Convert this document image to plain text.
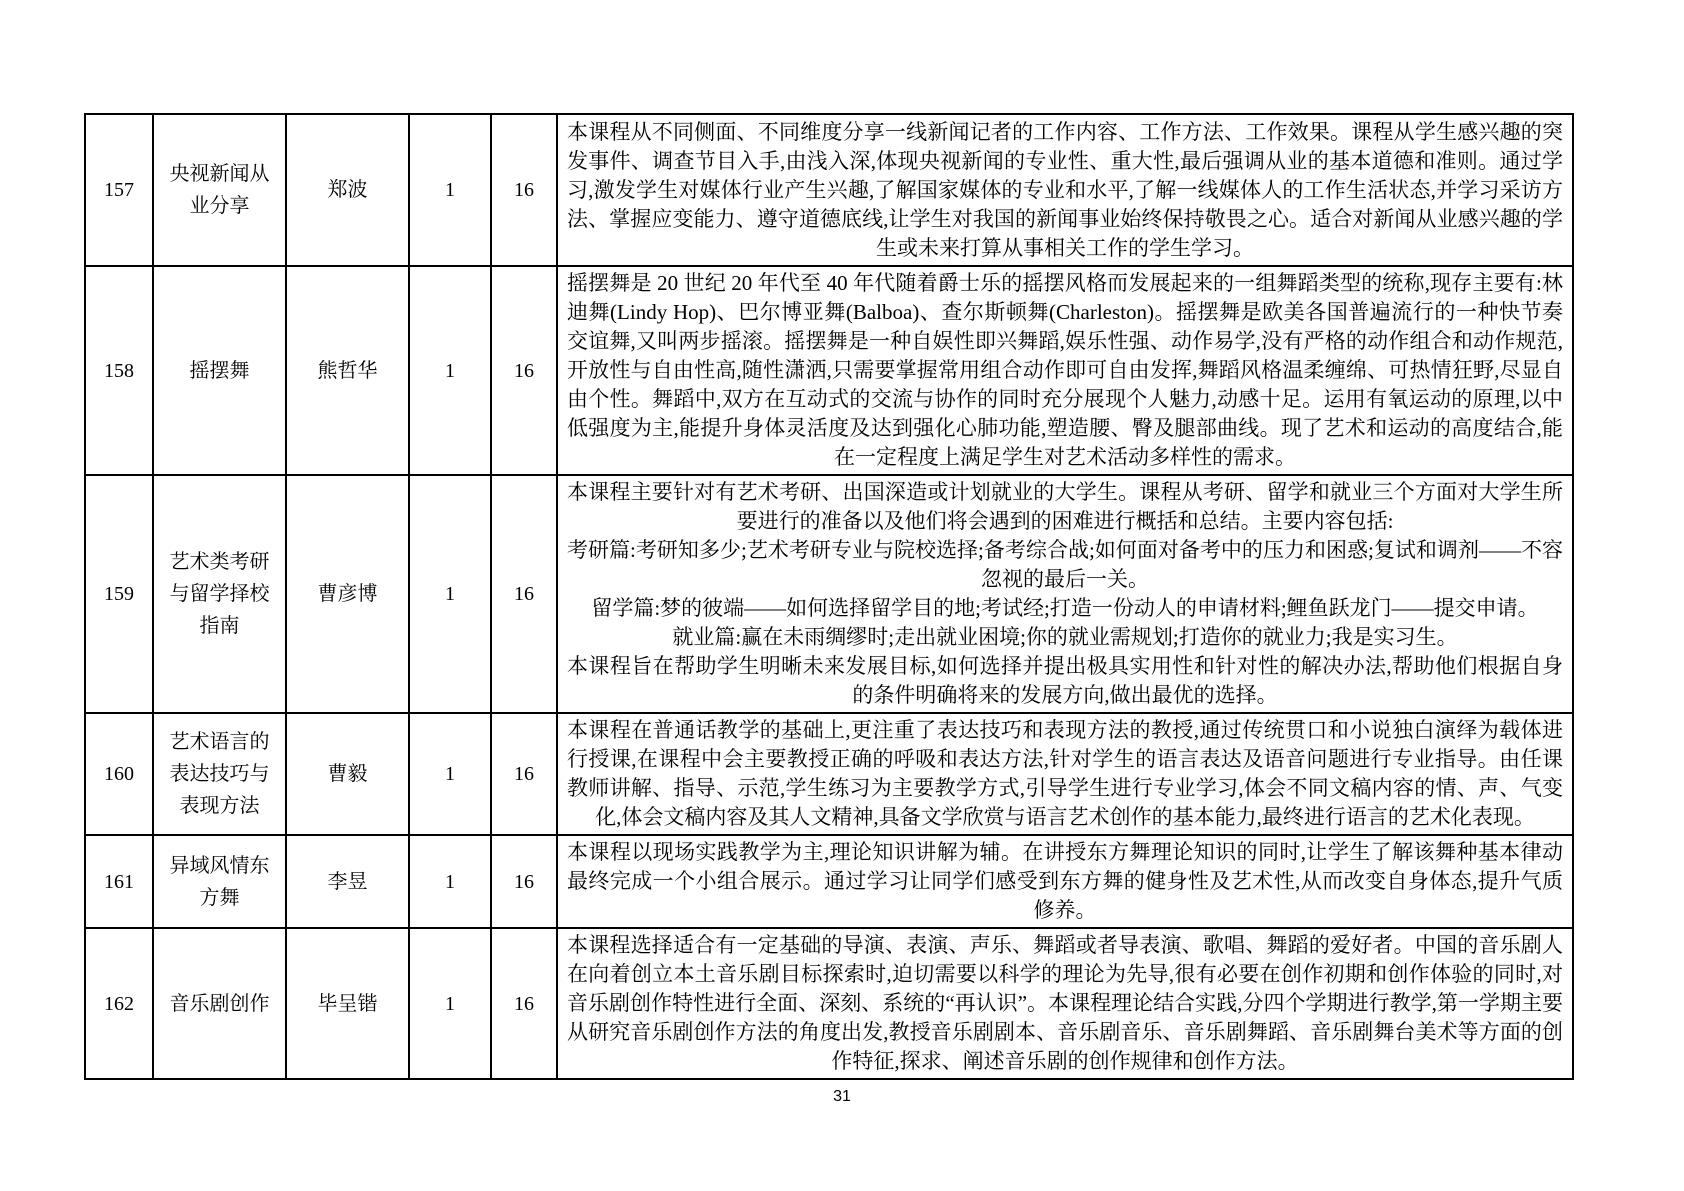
157	央视新闻从业分享	郑波	1	16	本课程从不同侧面、不同维度分享一线新闻记者的工作内容、工作方法、工作效果。课程从学生感兴趣的突发事件、调查节目入手,由浅入深,体现央视新闻的专业性、重大性,最后强调从业的基本道德和准则。通过学习,激发学生对媒体行业产生兴趣,了解国家媒体的专业和水平,了解一线媒体人的工作生活状态,并学习采访方法、掌握应变能力、遵守道德底线,让学生对我国的新闻事业始终保持敬畏之心。适合对新闻从业感兴趣的学生或未来打算从事相关工作的学生学习。

158	摇摆舞	熊哲华	1	16	摇摆舞是 20 世纪 20 年代至 40 年代随着爵士乐的摇摆风格而发展起来的一组舞蹈类型的统称,现存主要有:林迪舞(Lindy Hop)、巴尔博亚舞(Balboa)、查尔斯顿舞(Charleston)。摇摆舞是欧美各国普遍流行的一种快节奏交谊舞,又叫两步摇滚。摇摆舞是一种自娱性即兴舞蹈,娱乐性强、动作易学,没有严格的动作组合和动作规范,开放性与自由性高,随性潇洒,只需要掌握常用组合动作即可自由发挥,舞蹈风格温柔缠绵、可热情狂野,尽显自由个性。舞蹈中,双方在互动式的交流与协作的同时充分展现个人魅力,动感十足。运用有氧运动的原理,以中低强度为主,能提升身体灵活度及达到强化心肺功能,塑造腰、臀及腿部曲线。现了艺术和运动的高度结合,能在一定程度上满足学生对艺术活动多样性的需求。

159	艺术类考研与留学择校指南	曹彦博	1	16	本课程主要针对有艺术考研、出国深造或计划就业的大学生。课程从考研、留学和就业三个方面对大学生所要进行的准备以及他们将会遇到的困难进行概括和总结。主要内容包括:

考研篇:考研知多少;艺术考研专业与院校选择;备考综合战;如何面对备考中的压力和困惑;复试和调剂——不容忽视的最后一关。

留学篇:梦的彼端——如何选择留学目的地;考试经;打造一份动人的申请材料;鲤鱼跃龙门——提交申请。

就业篇:赢在未雨绸缪时;走出就业困境;你的就业需规划;打造你的就业力;我是实习生。

本课程旨在帮助学生明晰未来发展目标,如何选择并提出极具实用性和针对性的解决办法,帮助他们根据自身的条件明确将来的发展方向,做出最优的选择。

160	艺术语言的表达技巧与表现方法	曹毅	1	16	本课程在普通话教学的基础上,更注重了表达技巧和表现方法的教授,通过传统贯口和小说独白演绎为载体进行授课,在课程中会主要教授正确的呼吸和表达方法,针对学生的语言表达及语音问题进行专业指导。由任课教师讲解、指导、示范,学生练习为主要教学方式,引导学生进行专业学习,体会不同文稿内容的情、声、气变化,体会文稿内容及其人文精神,具备文学欣赏与语言艺术创作的基本能力,最终进行语言的艺术化表现。

161	异域风情东方舞	李昱	1	16	本课程以现场实践教学为主,理论知识讲解为辅。在讲授东方舞理论知识的同时,让学生了解该舞种基本律动最终完成一个小组合展示。通过学习让同学们感受到东方舞的健身性及艺术性,从而改变自身体态,提升气质修养。

162	音乐剧创作	毕呈锴	1	16	本课程选择适合有一定基础的导演、表演、声乐、舞蹈或者导表演、歌唱、舞蹈的爱好者。中国的音乐剧人在向着创立本土音乐剧目标探索时,迫切需要以科学的理论为先导,很有必要在创作初期和创作体验的同时,对音乐剧创作特性进行全面、深刻、系统的“再认识”。本课程理论结合实践,分四个学期进行教学,第一学期主要从研究音乐剧创作方法的角度出发,教授音乐剧剧本、音乐剧音乐、音乐剧舞蹈、音乐剧舞台美术等方面的创作特征,探求、阐述音乐剧的创作规律和创作方法。

31
